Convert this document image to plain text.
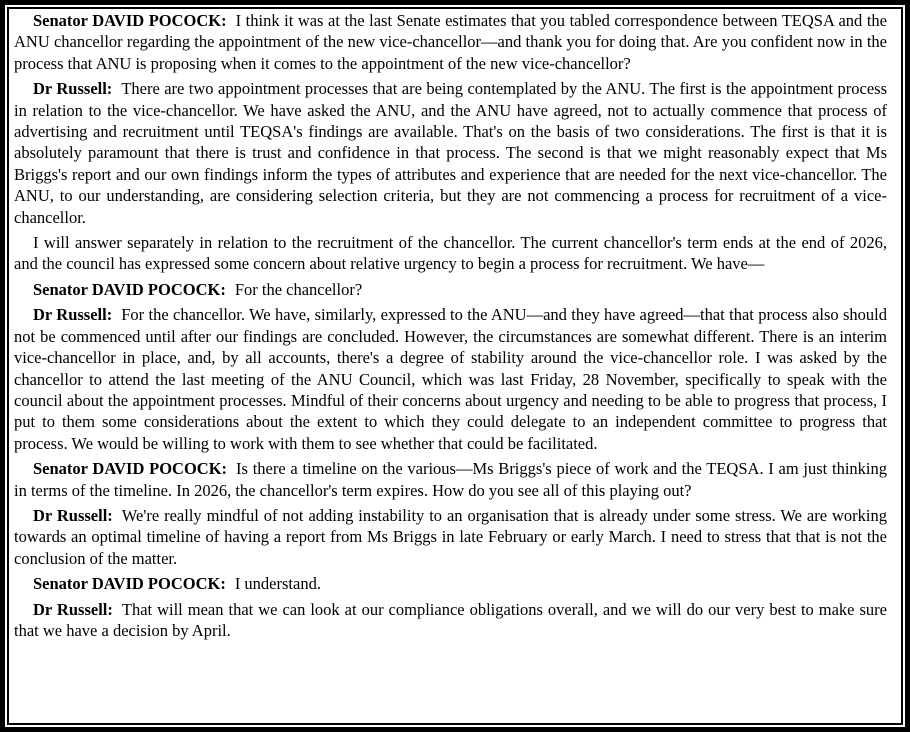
Senator DAVID POCOCK: I think it was at the last Senate estimates that you tabled correspondence between TEQSA and the ANU chancellor regarding the appointment of the new vice-chancellor—and thank you for doing that. Are you confident now in the process that ANU is proposing when it comes to the appointment of the new vice-chancellor?

Dr Russell: There are two appointment processes that are being contemplated by the ANU. The first is the appointment process in relation to the vice-chancellor. We have asked the ANU, and the ANU have agreed, not to actually commence that process of advertising and recruitment until TEQSA's findings are available. That's on the basis of two considerations. The first is that it is absolutely paramount that there is trust and confidence in that process. The second is that we might reasonably expect that Ms Briggs's report and our own findings inform the types of attributes and experience that are needed for the next vice-chancellor. The ANU, to our understanding, are considering selection criteria, but they are not commencing a process for recruitment of a vice-chancellor.

I will answer separately in relation to the recruitment of the chancellor. The current chancellor's term ends at the end of 2026, and the council has expressed some concern about relative urgency to begin a process for recruitment. We have—

Senator DAVID POCOCK: For the chancellor?

Dr Russell: For the chancellor. We have, similarly, expressed to the ANU—and they have agreed—that that process also should not be commenced until after our findings are concluded. However, the circumstances are somewhat different. There is an interim vice-chancellor in place, and, by all accounts, there's a degree of stability around the vice-chancellor role. I was asked by the chancellor to attend the last meeting of the ANU Council, which was last Friday, 28 November, specifically to speak with the council about the appointment processes. Mindful of their concerns about urgency and needing to be able to progress that process, I put to them some considerations about the extent to which they could delegate to an independent committee to progress that process. We would be willing to work with them to see whether that could be facilitated.

Senator DAVID POCOCK: Is there a timeline on the various—Ms Briggs's piece of work and the TEQSA. I am just thinking in terms of the timeline. In 2026, the chancellor's term expires. How do you see all of this playing out?

Dr Russell: We're really mindful of not adding instability to an organisation that is already under some stress. We are working towards an optimal timeline of having a report from Ms Briggs in late February or early March. I need to stress that that is not the conclusion of the matter.

Senator DAVID POCOCK: I understand.

Dr Russell: That will mean that we can look at our compliance obligations overall, and we will do our very best to make sure that we have a decision by April.
